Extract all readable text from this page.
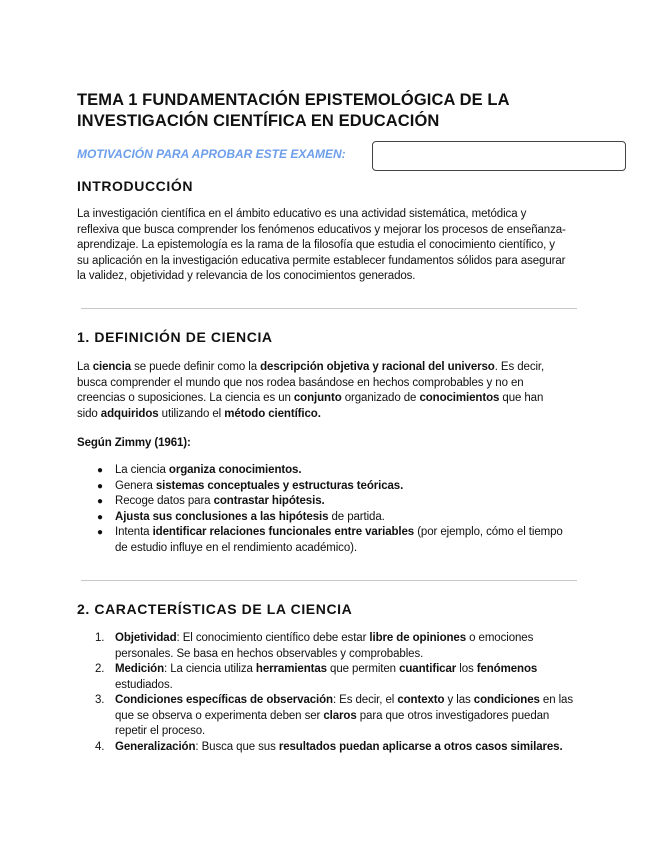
TEMA 1 FUNDAMENTACIÓN EPISTEMOLÓGICA DE LA
INVESTIGACIÓN CIENTÍFICA EN EDUCACIÓN
MOTIVACIÓN PARA APROBAR ESTE EXAMEN:
INTRODUCCIÓN
La investigación científica en el ámbito educativo es una actividad sistemática, metódica y reflexiva que busca comprender los fenómenos educativos y mejorar los procesos de enseñanza-aprendizaje. La epistemología es la rama de la filosofía que estudia el conocimiento científico, y su aplicación en la investigación educativa permite establecer fundamentos sólidos para asegurar la validez, objetividad y relevancia de los conocimientos generados.
1. DEFINICIÓN DE CIENCIA
La ciencia se puede definir como la descripción objetiva y racional del universo. Es decir, busca comprender el mundo que nos rodea basándose en hechos comprobables y no en creencias o suposiciones. La ciencia es un conjunto organizado de conocimientos que han sido adquiridos utilizando el método científico.
Según Zimmy (1961):
● La ciencia organiza conocimientos.
● Genera sistemas conceptuales y estructuras teóricas.
● Recoge datos para contrastar hipótesis.
● Ajusta sus conclusiones a las hipótesis de partida.
● Intenta identificar relaciones funcionales entre variables (por ejemplo, cómo el tiempo de estudio influye en el rendimiento académico).
2. CARACTERÍSTICAS DE LA CIENCIA
1. Objetividad: El conocimiento científico debe estar libre de opiniones o emociones personales. Se basa en hechos observables y comprobables.
2. Medición: La ciencia utiliza herramientas que permiten cuantificar los fenómenos estudiados.
3. Condiciones específicas de observación: Es decir, el contexto y las condiciones en las que se observa o experimenta deben ser claros para que otros investigadores puedan repetir el proceso.
4. Generalización: Busca que sus resultados puedan aplicarse a otros casos similares.
